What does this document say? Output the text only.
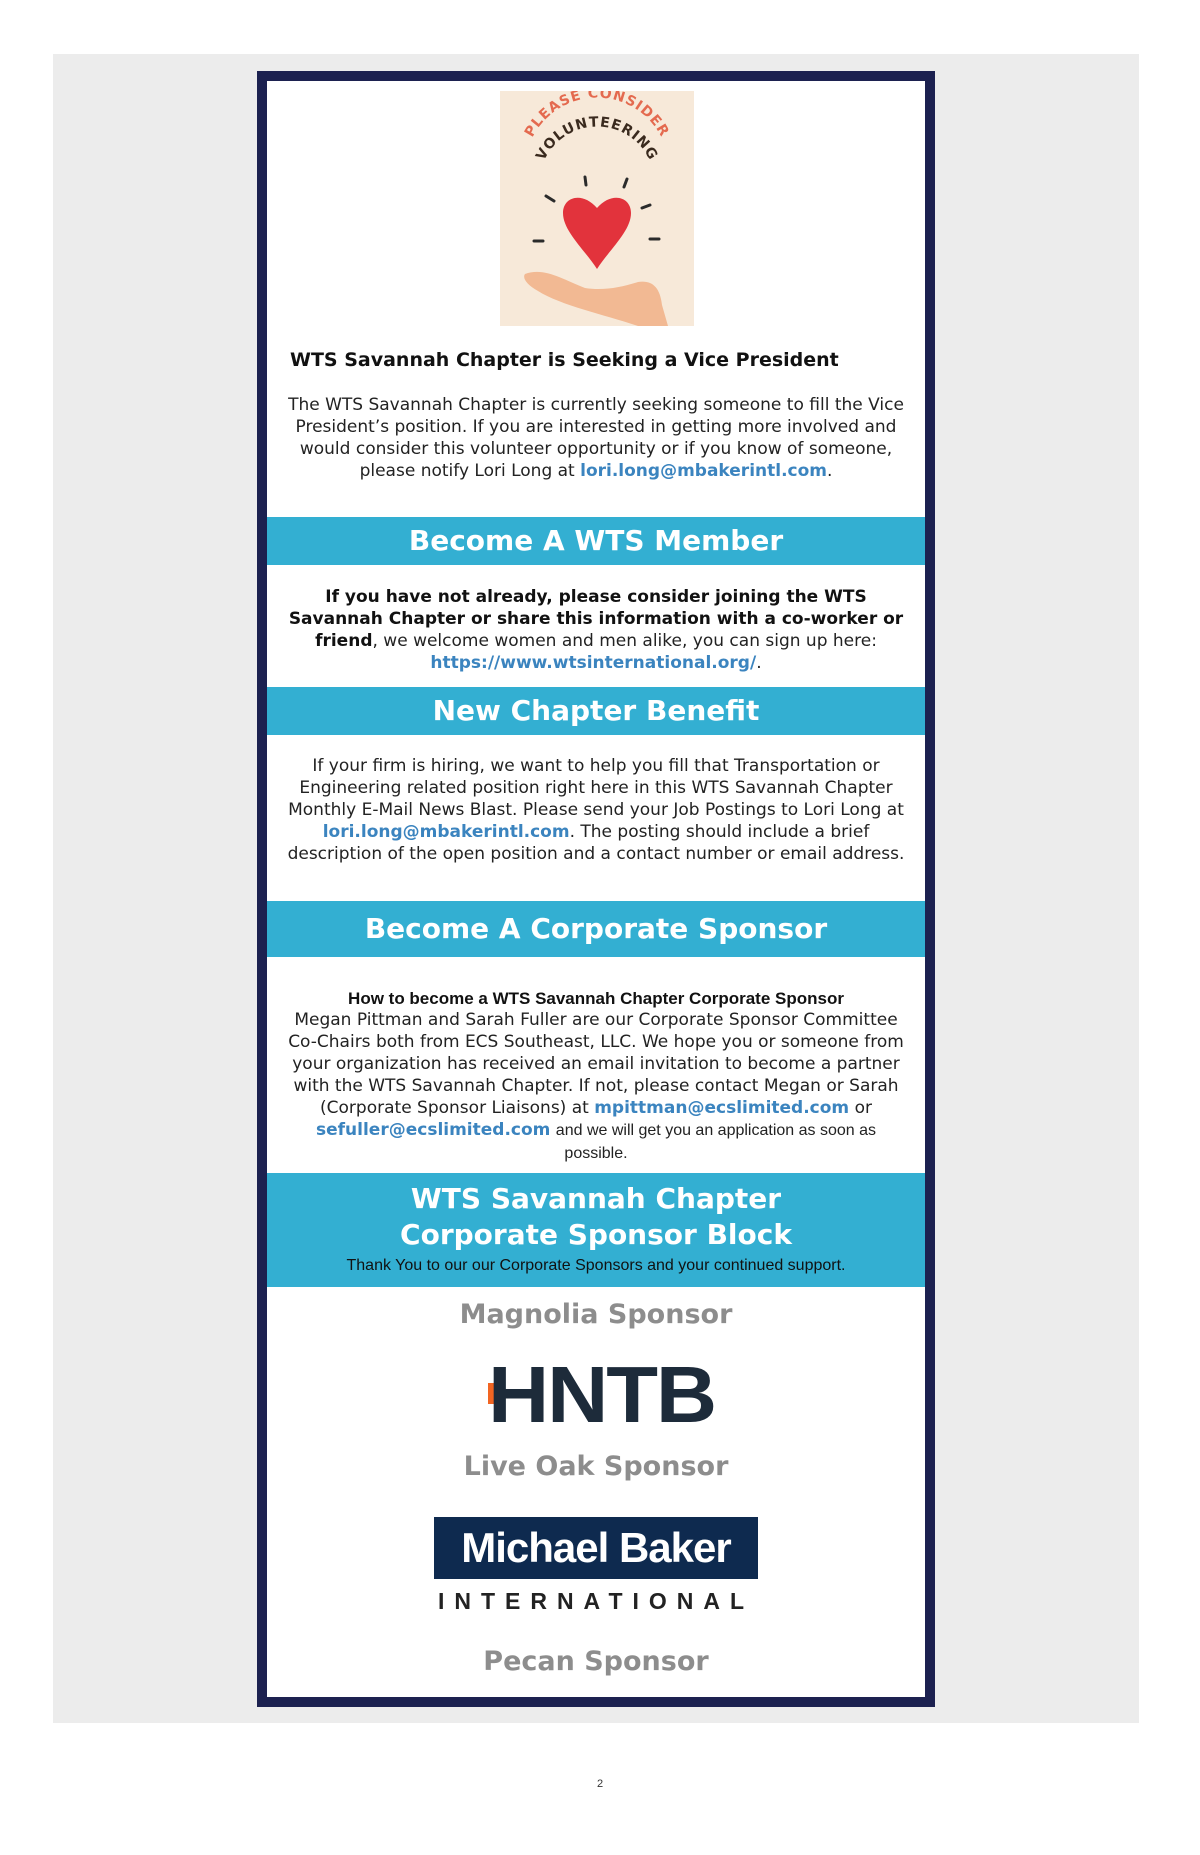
PLEASE CONSIDER
VOLUNTEERING
WTS Savannah Chapter is Seeking a Vice President

The WTS Savannah Chapter is currently seeking someone to fill the Vice President’s position. If you are interested in getting more involved and would consider this volunteer opportunity or if you know of someone, please notify Lori Long at lori.long@mbakerintl.com.

Become A WTS Member

If you have not already, please consider joining the WTS Savannah Chapter or share this information with a co-worker or friend, we welcome women and men alike, you can sign up here: https://www.wtsinternational.org/.

New Chapter Benefit

If your firm is hiring, we want to help you fill that Transportation or Engineering related position right here in this WTS Savannah Chapter Monthly E-Mail News Blast. Please send your Job Postings to Lori Long at lori.long@mbakerintl.com. The posting should include a brief description of the open position and a contact number or email address.

Become A Corporate Sponsor
How to become a WTS Savannah Chapter Corporate Sponsor

Megan Pittman and Sarah Fuller are our Corporate Sponsor Committee Co-Chairs both from ECS Southeast, LLC. We hope you or someone from your organization has received an email invitation to become a partner with the WTS Savannah Chapter. If not, please contact Megan or Sarah (Corporate Sponsor Liaisons) at mpittman@ecslimited.com or sefuller@ecslimited.com and we will get you an application as soon as possible.

WTS Savannah Chapter
Corporate Sponsor Block
Thank You to our our Corporate Sponsors and your continued support.
Magnolia Sponsor
HNTB
Live Oak Sponsor
Michael Baker
INTERNATIONAL
Pecan Sponsor
2
